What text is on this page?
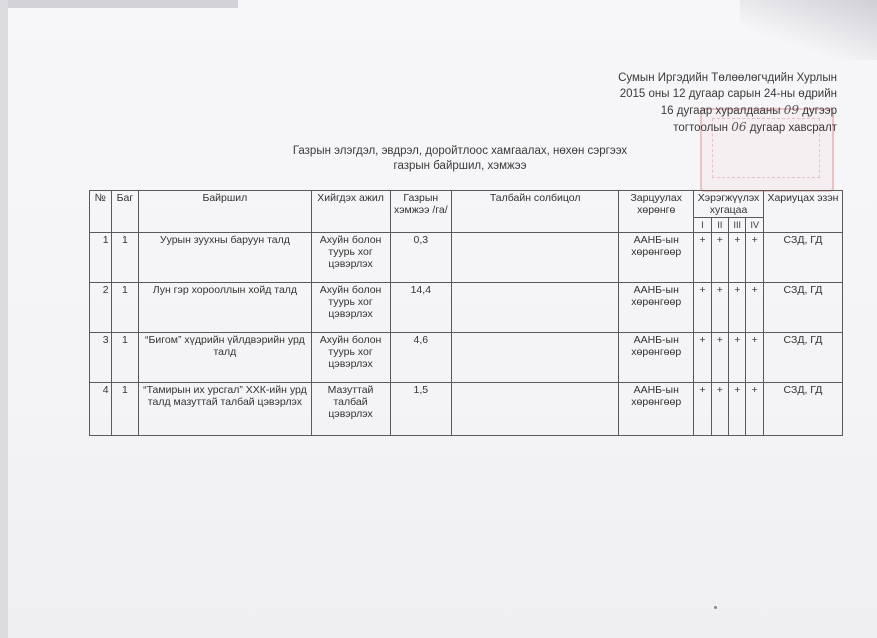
Сумын Иргэдийн Төлөөлөгчдийн Хурлын
2015 оны 12 дугаар сарын 24-ны өдрийн
16 дугаар хуралдааны 09 дугээр
тогтоолын 06 дугаар хавсралт
Газрын элэгдэл, эвдрэл, доройтлоос хамгаалах, нөхөн сэргээх
газрын байршил, хэмжээ
№	Баг	Байршил	Хийгдэх ажил	Газрын хэмжээ /га/	Талбайн солбицол	Зарцуулах хөрөнгө	Хэрэгжүүлэх хугацаа				Хариуцах эзэн
							I	II	III	IV	
1	1	Уурын зуухны баруун талд	Ахуйн болон туурь хог цэвэрлэх	0,3		ААНБ-ын хөрөнгөөр	+	+	+	+	СЗД, ГД
2	1	Лун гэр хорооллын хойд талд	Ахуйн болон туурь хог цэвэрлэх	14,4		ААНБ-ын хөрөнгөөр	+	+	+	+	СЗД, ГД
3	1	“Бигом” хүдрийн үйлдвэрийн урд талд	Ахуйн болон туурь хог цэвэрлэх	4,6		ААНБ-ын хөрөнгөөр	+	+	+	+	СЗД, ГД
4	1	“Тамирын их урсгал” ХХК-ийн урд талд мазуттай талбай цэвэрлэх	Мазуттай талбай цэвэрлэх	1,5		ААНБ-ын хөрөнгөөр	+	+	+	+	СЗД, ГД
